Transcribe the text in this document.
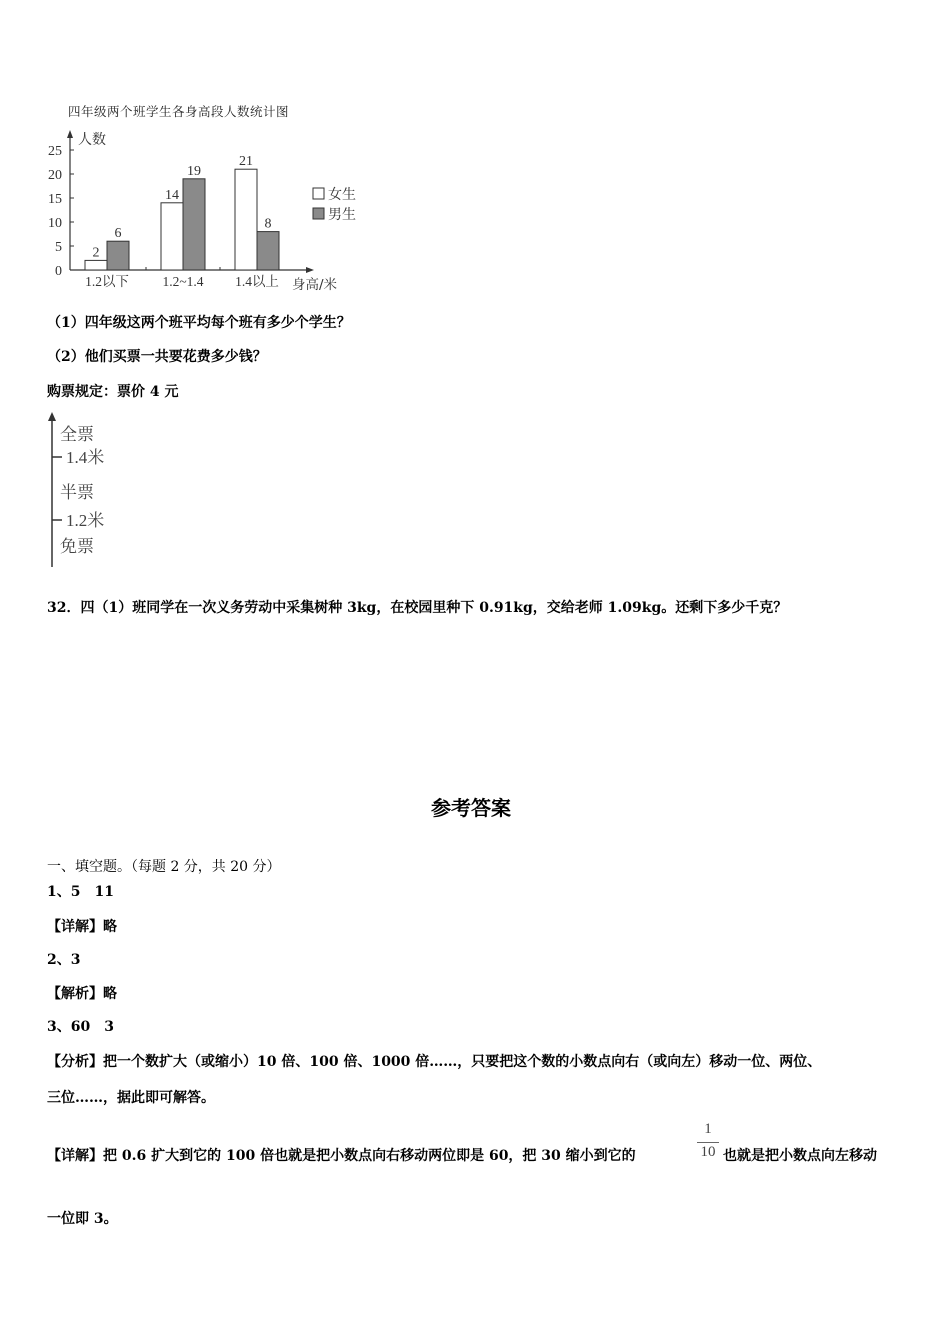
四年级两个班学生各身高段人数统计图
0
5
10
15
20
25
人数
2
6
1.2以下
14
19
1.2~1.4
21
8
1.4以上 身高/米
女生
男生
（1）四年级这两个班平均每个班有多少个学生？
（2）他们买票一共要花费多少钱？
购票规定：票价 4 元
全票
1.4米
半票
1.2米
免票
32．四（1）班同学在一次义务劳动中采集树种 3kg，在校园里种下 0.91kg，交给老师 1.09kg。还剩下多少千克？
参考答案
一、填空题。（每题 2 分，共 20 分）
1、5　11
【详解】略
2、3
【解析】略
3、60　3
【分析】把一个数扩大（或缩小）10 倍、100 倍、1000 倍……，只要把这个数的小数点向右（或向左）移动一位、两位、
三位……，据此即可解答。
【详解】把 0.6 扩大到它的 100 倍也就是把小数点向右移动两位即是 60，把 30 缩小到它的
1
10 也就是把小数点向左移动
一位即 3。
